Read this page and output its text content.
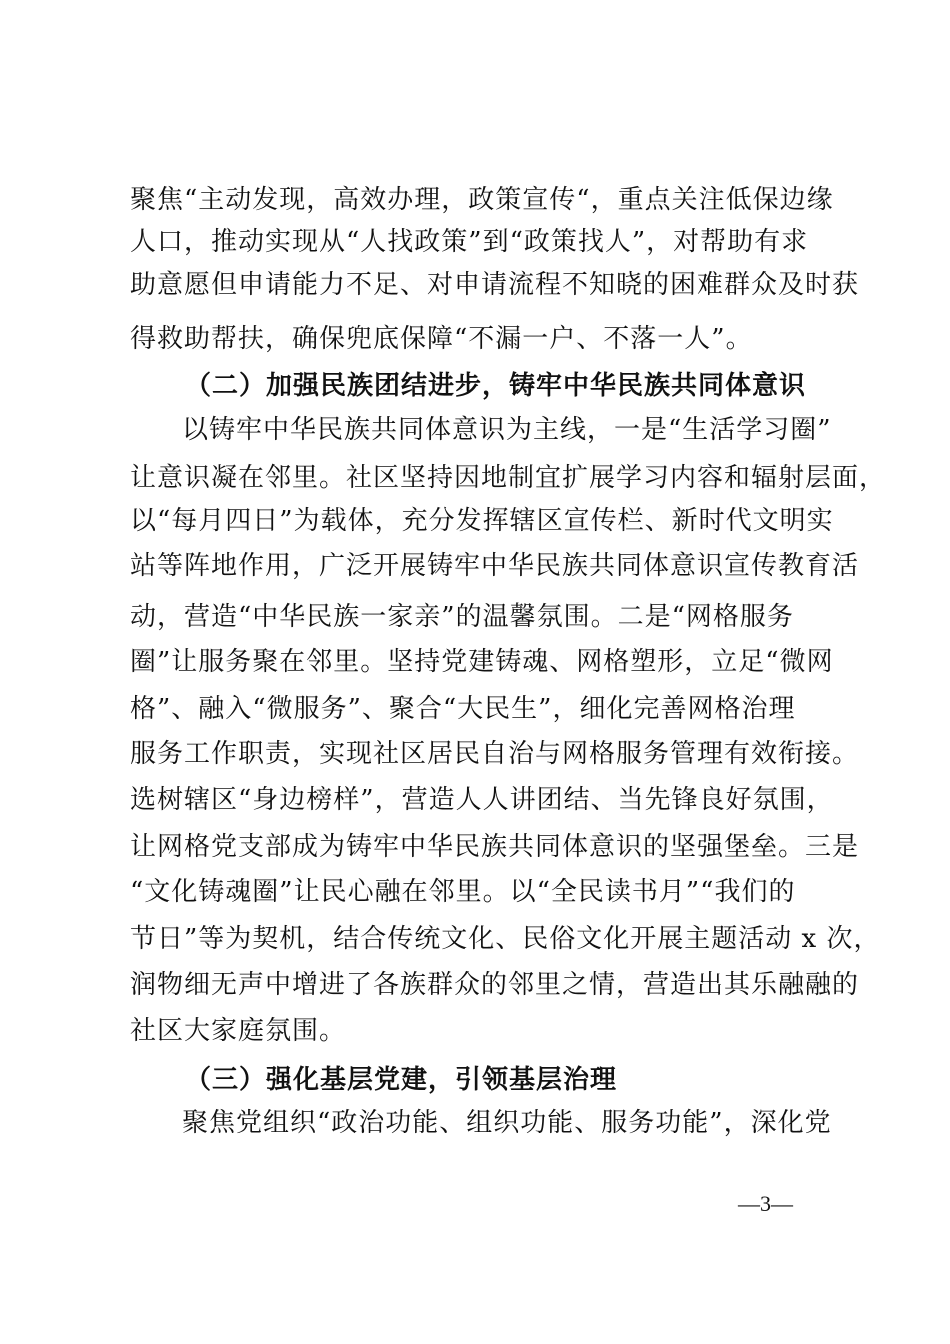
聚焦“主动发现，高效办理，政策宣传“，重点关注低保边缘
人口，推动实现从“人找政策”到“政策找人”，对帮助有求
助意愿但申请能力不足、对申请流程不知晓的困难群众及时获
得救助帮扶，确保兜底保障“不漏一户、不落一人”。
（二）加强民族团结进步，铸牢中华民族共同体意识
以铸牢中华民族共同体意识为主线，一是“生活学习圈”
让意识凝在邻里。社区坚持因地制宜扩展学习内容和辐射层面，
以“每月四日”为载体，充分发挥辖区宣传栏、新时代文明实
站等阵地作用，广泛开展铸牢中华民族共同体意识宣传教育活
动，营造“中华民族一家亲”的温馨氛围。二是“网格服务
圈”让服务聚在邻里。坚持党建铸魂、网格塑形，立足“微网
格”、融入“微服务”、聚合“大民生”，细化完善网格治理
服务工作职责，实现社区居民自治与网格服务管理有效衔接。
选树辖区“身边榜样”，营造人人讲团结、当先锋良好氛围，
让网格党支部成为铸牢中华民族共同体意识的坚强堡垒。三是
“文化铸魂圈”让民心融在邻里。以“全民读书月”“我们的
节日”等为契机，结合传统文化、民俗文化开展主题活动 x 次，
润物细无声中增进了各族群众的邻里之情，营造出其乐融融的
社区大家庭氛围。
（三）强化基层党建，引领基层治理
聚焦党组织“政治功能、组织功能、服务功能”，深化党
—3—
